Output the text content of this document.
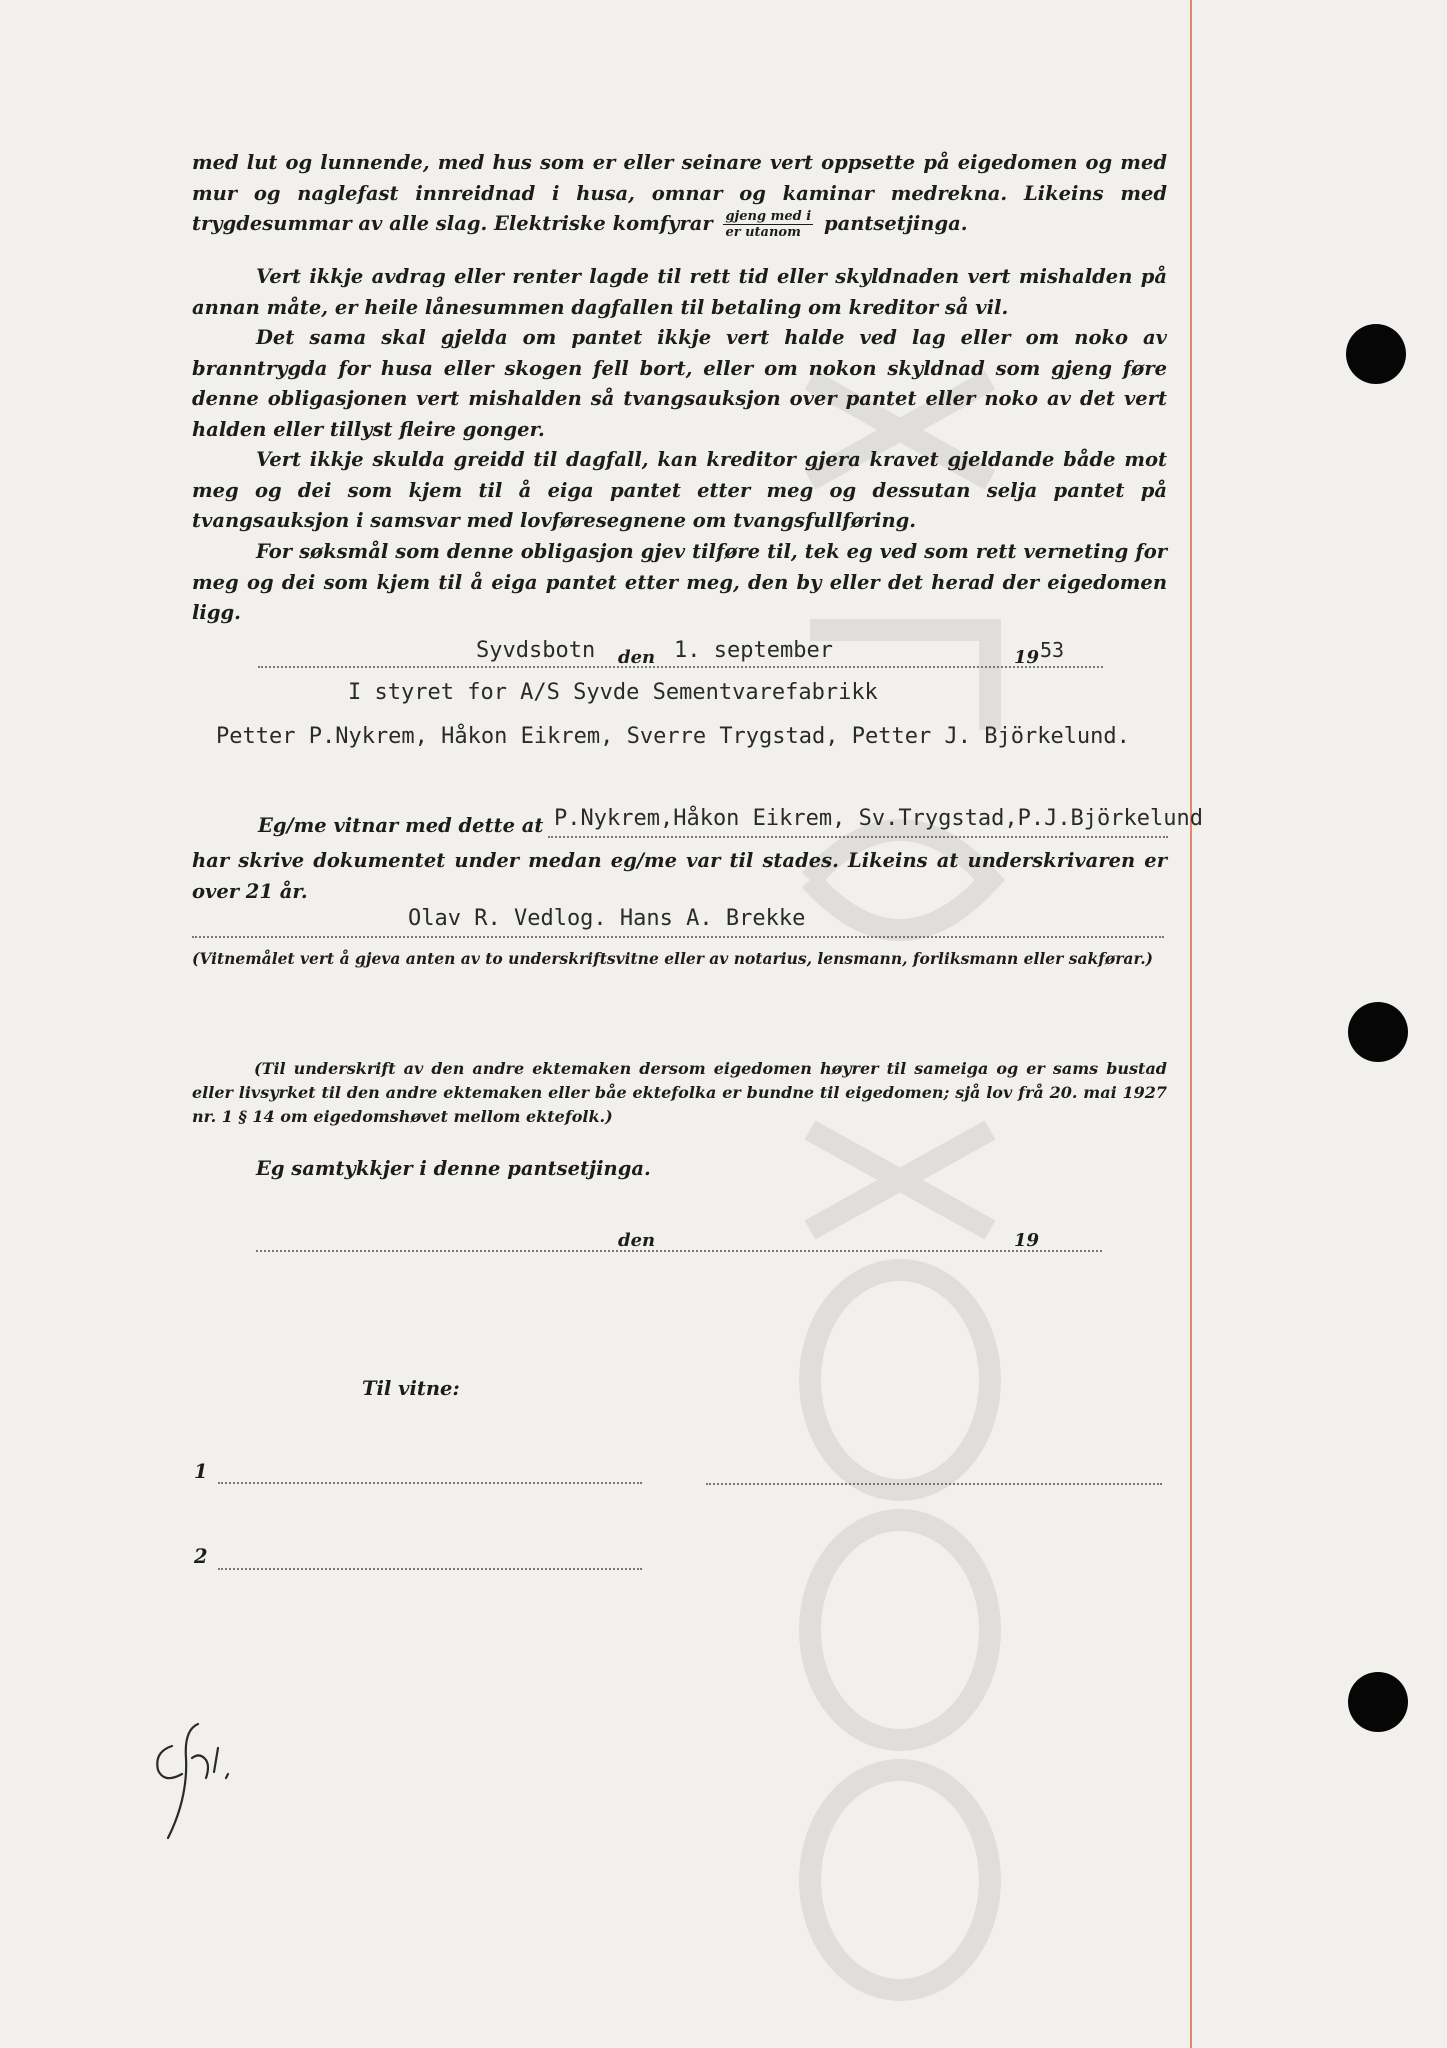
med lut og lunnende, med hus som er eller seinare vert oppsette på eigedomen og med mur og naglefast innreidnad i husa, omnar og kaminar medrekna. Likeins med trygdesummar av alle slag. Elektriske komfyrar $\frac{\text{gjeng med i}}{\text{er utanom}}$ pantsetjinga.
Vert ikkje avdrag eller renter lagde til rett tid eller skyldnaden vert mishalden på annan måte, er heile lånesummen dagfallen til betaling om kreditor så vil.
Det sama skal gjelda om pantet ikkje vert halde ved lag eller om noko av branntrygda for husa eller skogen fell bort, eller om nokon skyldnad som gjeng føre denne obligasjonen vert mishalden så tvangsauksjon over pantet eller noko av det vert halden eller tillyst fleire gonger.
Vert ikkje skulda greidd til dagfall, kan kreditor gjera kravet gjeldande både mot meg og dei som kjem til å eiga pantet etter meg og dessutan selja pantet på tvangsauksjon i samsvar med lovføresegnene om tvangsfullføring.
For søksmål som denne obligasjon gjev tilføre til, tek eg ved som rett verneting for meg og dei som kjem til å eiga pantet etter meg, den by eller det herad der eigedomen ligg.
Syvdsbotn den 1. september	19 53
I styret for A/S Syvde Sementvarefabrikk
Petter P.Nykrem, Håkon Eikrem, Sverre Trygstad, Petter J. Björkelund.
Eg/me vitnar med dette at P.Nykrem,Håkon Eikrem, Sv.Trygstad,P.J.Björkelund
har skrive dokumentet under medan eg/me var til stades. Likeins at underskrivaren er over 21 år.
Olav R. Vedlog. Hans A. Brekke
(Vitnemålet vert å gjeva anten av to underskriftsvitne eller av notarius, lensmann, forliksmann eller sakførar.)
(Til underskrift av den andre ektemaken dersom eigedomen høyrer til sameiga og er sams bustad eller livsyrket til den andre ektemaken eller båe ektefolka er bundne til eigedomen; sjå lov frå 20. mai 1927 nr. 1 § 14 om eigedomshøvet mellom ektefolk.)
Eg samtykkjer i denne pantsetjinga.
den	19
Til vitne:
1
2
